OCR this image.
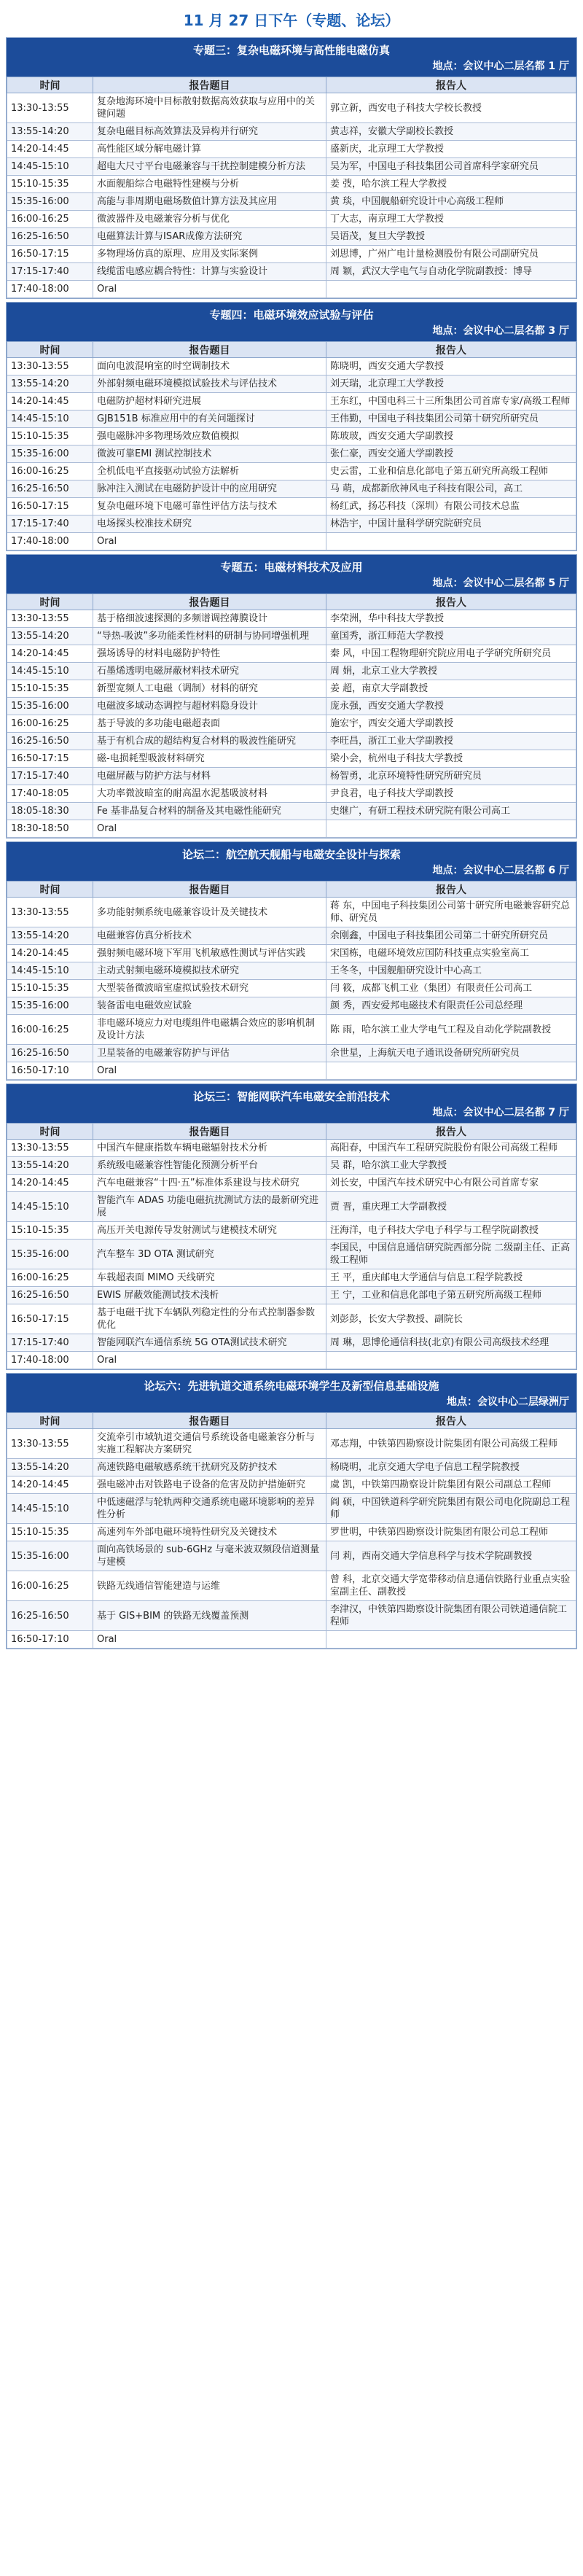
11 月 27 日下午（专题、论坛）
专题三：复杂电磁环境与高性能电磁仿真
地点：会议中心二层名都 1 厅
时间	报告题目	报告人
13:30-13:55	复杂地海环境中目标散射数据高效获取与应用中的关键问题	郭立新，西安电子科技大学校长教授
13:55-14:20	复杂电磁目标高效算法及异构并行研究	黄志祥，安徽大学副校长教授
14:20-14:45	高性能区域分解电磁计算	盛新庆，北京理工大学教授
14:45-15:10	超电大尺寸平台电磁兼容与干扰控制建模分析方法	吴为军，中国电子科技集团公司首席科学家研究员
15:10-15:35	水面舰船综合电磁特性建模与分析	姜 弢，哈尔滨工程大学教授
15:35-16:00	高能与非周期电磁场数值计算方法及其应用	黄 琰，中国舰船研究设计中心高级工程师
16:00-16:25	微波器件及电磁兼容分析与优化	丁大志，南京理工大学教授
16:25-16:50	电磁算法计算与ISAR成像方法研究	吴语茂，复旦大学教授
16:50-17:15	多物理场仿真的原理、应用及实际案例	刘思博，广州广电计量检测股份有限公司副研究员
17:15-17:40	线缆雷电感应耦合特性：计算与实验设计	周 颖，武汉大学电气与自动化学院副教授：博导
17:40-18:00	Oral	
专题四：电磁环境效应试验与评估
地点：会议中心二层名都 3 厅
时间	报告题目	报告人
13:30-13:55	面向电波混响室的时空调制技术	陈晓明，西安交通大学教授
13:55-14:20	外部射频电磁环境模拟试验技术与评估技术	刘天瑞，北京理工大学教授
14:20-14:45	电磁防护超材料研究进展	王东红，中国电科三十三所集团公司首席专家/高级工程师
14:45-15:10	GJB151B 标准应用中的有关问题探讨	王伟勤，中国电子科技集团公司第十研究所研究员
15:10-15:35	强电磁脉冲多物理场效应数值模拟	陈玻玻，西安交通大学副教授
15:35-16:00	微波可靠EMI 测试控制技术	张仁豪，西安交通大学副教授
16:00-16:25	全机低电平直接驱动试验方法解析	史云雷，工业和信息化部电子第五研究所高级工程师
16:25-16:50	脉冲注入测试在电磁防护设计中的应用研究	马 萌，成都新欣神风电子科技有限公司，高工
16:50-17:15	复杂电磁环境下电磁可靠性评估方法与技术	杨红武，扬芯科技（深圳）有限公司技术总监
17:15-17:40	电场探头校准技术研究	林浩宇，中国计量科学研究院研究员
17:40-18:00	Oral	
专题五：电磁材料技术及应用
地点：会议中心二层名都 5 厅
时间	报告题目	报告人
13:30-13:55	基于格细波速探测的多频谱调控薄膜设计	李荣洲，华中科技大学教授
13:55-14:20	“导热-吸波”多功能柔性材料的研制与协同增强机理	童国秀，浙江师范大学教授
14:20-14:45	强场诱导的材料电磁防护特性	秦 风，中国工程物理研究院应用电子学研究所研究员
14:45-15:10	石墨烯透明电磁屏蔽材料技术研究	周 娟，北京工业大学教授
15:10-15:35	新型宽频人工电磁（调制）材料的研究	姜 超，南京大学副教授
15:35-16:00	电磁波多域动态调控与超材料隐身设计	庞永强，西安交通大学教授
16:00-16:25	基于导波的多功能电磁超表面	施宏宇，西安交通大学副教授
16:25-16:50	基于有机合成的超结构复合材料的吸波性能研究	李旺昌，浙江工业大学副教授
16:50-17:15	磁-电损耗型吸波材料研究	梁小会，杭州电子科技大学教授
17:15-17:40	电磁屏蔽与防护方法与材料	杨智勇，北京环境特性研究所研究员
17:40-18:05	大功率微波暗室的耐高温水泥基吸波材料	尹良君，电子科技大学副教授
18:05-18:30	Fe 基非晶复合材料的制备及其电磁性能研究	史继广，有研工程技术研究院有限公司高工
18:30-18:50	Oral	
论坛二：航空航天舰船与电磁安全设计与探索
地点：会议中心二层名都 6 厅
时间	报告题目	报告人
13:30-13:55	多功能射频系统电磁兼容设计及关键技术	蒋 东，中国电子科技集团公司第十研究所电磁兼容研究总师、研究员
13:55-14:20	电磁兼容仿真分析技术	余刚鑫，中国电子科技集团公司第二十研究所研究员
14:20-14:45	强射频电磁环境下军用飞机敏感性测试与评估实践	宋国栋，电磁环境效应国防科技重点实验室高工
14:45-15:10	主动式射频电磁环境模拟技术研究	王冬冬，中国舰船研究设计中心高工
15:10-15:35	大型装备微波暗室虚拟试验技术研究	闫 筱，成都飞机工业（集团）有限责任公司高工
15:35-16:00	装备雷电电磁效应试验	颜 秀，西安爱邦电磁技术有限责任公司总经理
16:00-16:25	非电磁环境应力对电缆组件电磁耦合效应的影响机制及设计方法	陈 雨，哈尔滨工业大学电气工程及自动化学院副教授
16:25-16:50	卫星装备的电磁兼容防护与评估	余世星，上海航天电子通讯设备研究所研究员
16:50-17:10	Oral	
论坛三：智能网联汽车电磁安全前沿技术
地点：会议中心二层名都 7 厅
时间	报告题目	报告人
13:30-13:55	中国汽车健康指数车辆电磁辐射技术分析	高阳春，中国汽车工程研究院股份有限公司高级工程师
13:55-14:20	系统级电磁兼容性智能化预测分析平台	吴 群，哈尔滨工业大学教授
14:20-14:45	汽车电磁兼容“十四·五”标准体系建设与技术研究	刘长安，中国汽车技术研究中心有限公司首席专家
14:45-15:10	智能汽车 ADAS 功能电磁抗扰测试方法的最新研究进展	贾 晋，重庆理工大学副教授
15:10-15:35	高压开关电源传导发射测试与建模技术研究	汪海洋，电子科技大学电子科学与工程学院副教授
15:35-16:00	汽车整车 3D OTA 测试研究	李国民，中国信息通信研究院西部分院 二级副主任、正高级工程师
16:00-16:25	车载超表面 MIMO 天线研究	王 平，重庆邮电大学通信与信息工程学院教授
16:25-16:50	EWIS 屏蔽效能测试技术浅析	王 宁，工业和信息化部电子第五研究所高级工程师
16:50-17:15	基于电磁干扰下车辆队列稳定性的分布式控制器参数优化	刘彭彭，长安大学教授、副院长
17:15-17:40	智能网联汽车通信系统 5G OTA测试技术研究	周 琳，思博伦通信科技(北京)有限公司高级技术经理
17:40-18:00	Oral	
论坛六：先进轨道交通系统电磁环境学生及新型信息基础设施
地点：会议中心二层绿洲厅
时间	报告题目	报告人
13:30-13:55	交流牵引市域轨道交通信号系统设备电磁兼容分析与实施工程解决方案研究	邓志翔，中铁第四勘察设计院集团有限公司高级工程师
13:55-14:20	高速铁路电磁敏感系统干扰研究及防护技术	杨晓明，北京交通大学电子信息工程学院教授
14:20-14:45	强电磁冲击对铁路电子设备的危害及防护措施研究	虞 凯，中铁第四勘察设计院集团有限公司副总工程师
14:45-15:10	中低速磁浮与轮轨两种交通系统电磁环境影响的差异性分析	阎 硕，中国铁道科学研究院集团有限公司电化院副总工程师
15:10-15:35	高速列车外部电磁环境特性研究及关键技术	罗世明，中铁第四勘察设计院集团有限公司总工程师
15:35-16:00	面向高铁场景的 sub-6GHz 与毫米波双频段信道测量与建模	闫 莉，西南交通大学信息科学与技术学院副教授
16:00-16:25	铁路无线通信智能建造与运维	曾 科，北京交通大学宽带移动信息通信铁路行业重点实验室副主任、副教授
16:25-16:50	基于 GIS+BIM 的铁路无线覆盖预测	李津汉，中铁第四勘察设计院集团有限公司铁道通信院工程师
16:50-17:10	Oral	
